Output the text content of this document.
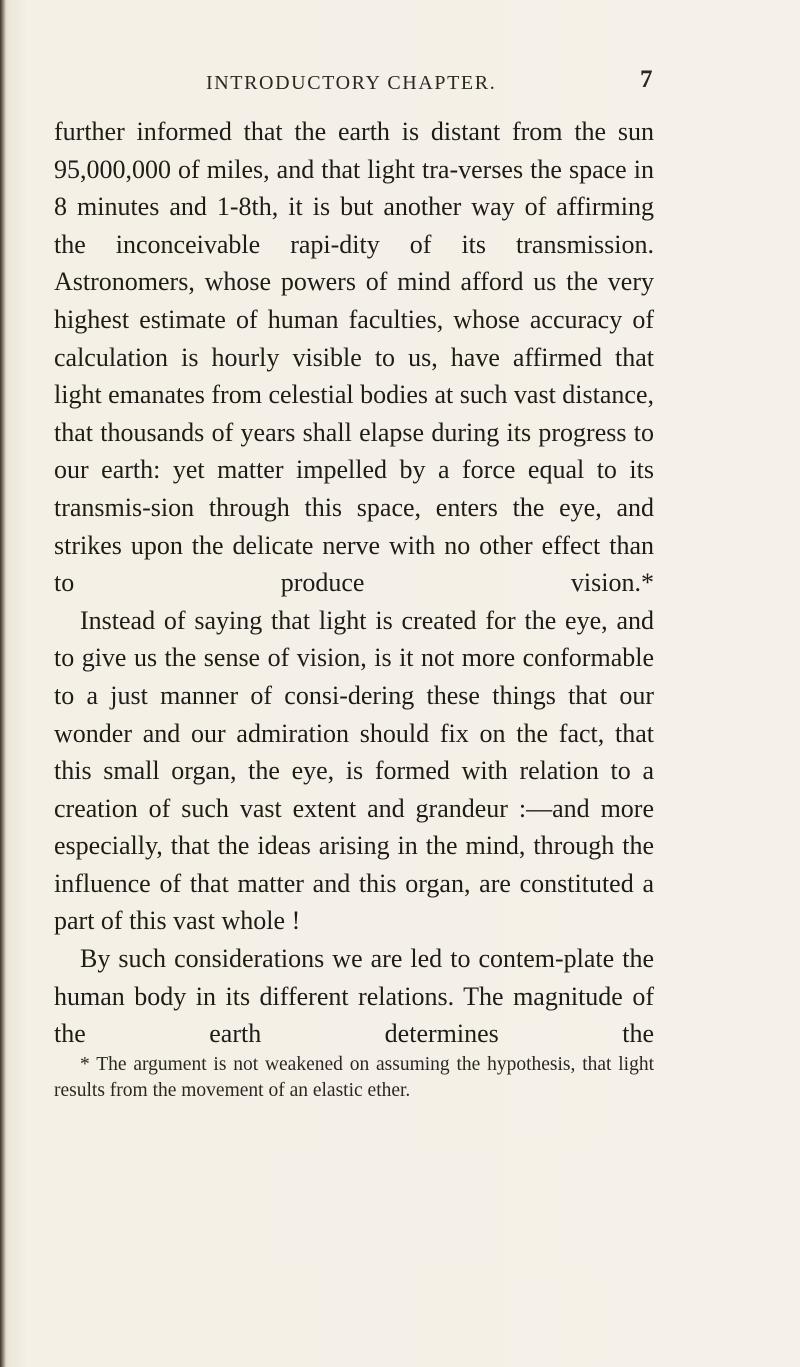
INTRODUCTORY CHAPTER.	7

further informed that the earth is distant from the sun 95,000,000 of miles, and that light tra-verses the space in 8 minutes and 1-8th, it is but another way of affirming the inconceivable rapi-dity of its transmission. Astronomers, whose powers of mind afford us the very highest estimate of human faculties, whose accuracy of calculation is hourly visible to us, have affirmed that light emanates from celestial bodies at such vast distance, that thousands of years shall elapse during its progress to our earth: yet matter impelled by a force equal to its transmis-sion through this space, enters the eye, and strikes upon the delicate nerve with no other effect than to produce vision.*

Instead of saying that light is created for the eye, and to give us the sense of vision, is it not more conformable to a just manner of consi-dering these things that our wonder and our admiration should fix on the fact, that this small organ, the eye, is formed with relation to a creation of such vast extent and grandeur :—and more especially, that the ideas arising in the mind, through the influence of that matter and this organ, are constituted a part of this vast whole !

By such considerations we are led to contem-plate the human body in its different relations. The magnitude of the earth determines the

* The argument is not weakened on assuming the hypothesis, that light results from the movement of an elastic ether.
